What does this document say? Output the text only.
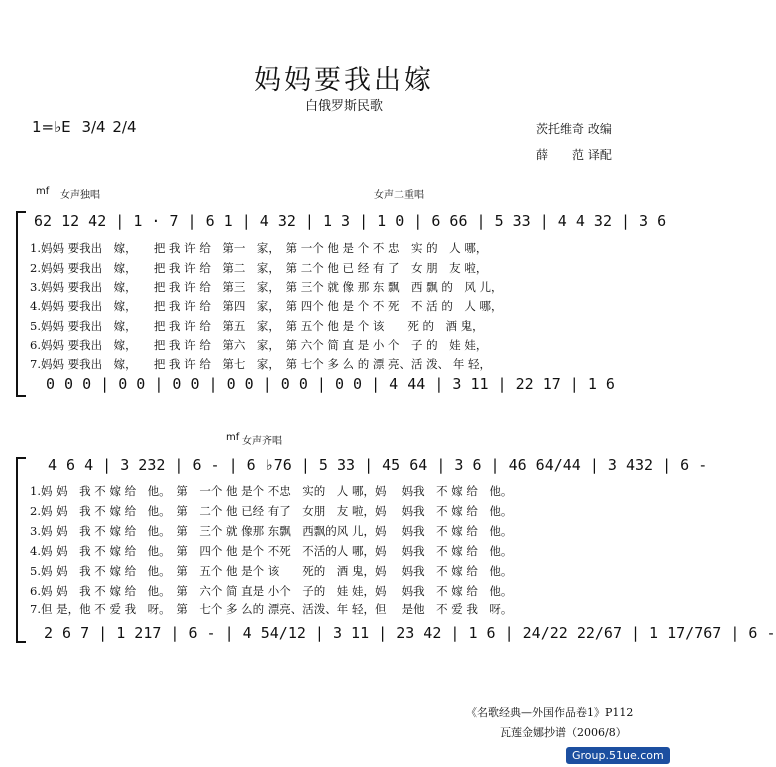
妈妈要我出嫁
白俄罗斯民歌
1=♭E 3/4 2/4	茨托维奇 改编
薛　　范 译配
mf 女声独唱	女声二重唱
62 12 42 | 1 · 7 | 6 1 | 4 32 | 1 3 | 1 0 | 6 66 | 5 33 | 4 4 32 | 3 6
1.妈妈 要我出　嫁，　　把 我 许 给　第一　家，　第 一个 他 是 个 不 忠　实 的　人 哪，
2.妈妈 要我出　嫁，　　把 我 许 给　第二　家，　第 二个 他 已 经 有 了　女 朋　友 啦，
3.妈妈 要我出　嫁，　　把 我 许 给　第三　家，　第 三个 就 像 那 东 飘　西 飘 的　风 儿，
4.妈妈 要我出　嫁，　　把 我 许 给　第四　家，　第 四个 他 是 个 不 死　不 活 的　人 哪，
5.妈妈 要我出　嫁，　　把 我 许 给　第五　家，　第 五个 他 是 个 该　　死 的　酒 鬼，
6.妈妈 要我出　嫁，　　把 我 许 给　第六　家，　第 六个 简 直 是 小 个　子 的　娃 娃，
7.妈妈 要我出　嫁，　　把 我 许 给　第七　家，　第 七个 多 么 的 漂 亮、活 泼、 年 轻，
0 0 0 | 0 0 | 0 0 | 0 0 | 0 0 | 0 0 | 4 44 | 3 11 | 22 17 | 1 6
mf 女声齐唱
4 6 4 | 3 232 | 6 - | 6 ♭76 | 5 33 | 45 64 | 3 6 | 46 64/44 | 3 432 | 6 -
1.妈 妈　我 不 嫁 给　他。　第　一个 他 是个 不忠　实的　人 哪，妈　 妈我　不 嫁 给　他。
2.妈 妈　我 不 嫁 给　他。　第　二个 他 已经 有了　女朋　友 啦，妈　 妈我　不 嫁 给　他。
3.妈 妈　我 不 嫁 给　他。　第　三个 就 像那 东飘　西飘的风 儿，妈　 妈我　不 嫁 给　他。
4.妈 妈　我 不 嫁 给　他。　第　四个 他 是个 不死　不活的人 哪，妈　 妈我　不 嫁 给　他。
5.妈 妈　我 不 嫁 给　他。　第　五个 他 是个 该　　死的　酒 鬼，妈　 妈我　不 嫁 给　他。
6.妈 妈　我 不 嫁 给　他。　第　六个 简 直是 小个　子的　娃 娃，妈　 妈我　不 嫁 给　他。
7.但 是，他 不 爱 我　呀。　第　七个 多 么的 漂亮、活泼、年 轻，但　 是他　不 爱 我　呀。
2 6 7 | 1 217 | 6 - | 4 54/12 | 3 11 | 23 42 | 1 6 | 24/22 22/67 | 1 17/767 | 6 -
《名歌经典—外国作品卷1》P112
瓦莲金娜抄谱（2006/8）
Group.51ue.com
